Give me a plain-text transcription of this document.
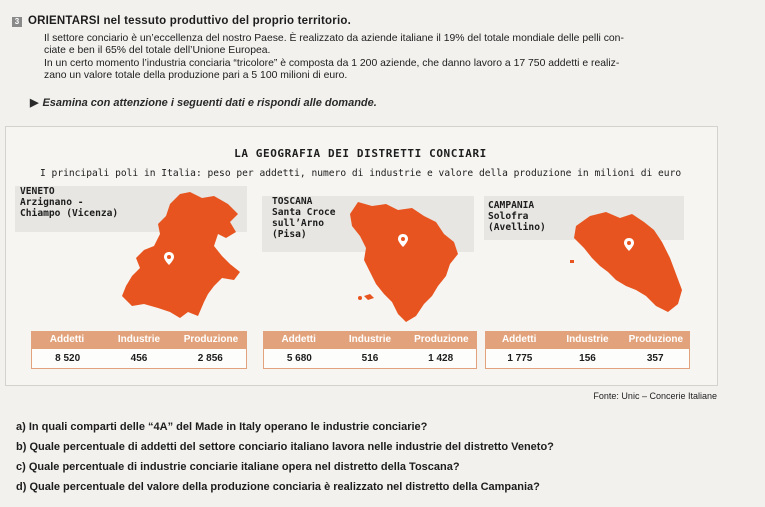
3 ORIENTARSI nel tessuto produttivo del proprio territorio.
Il settore conciario è un’eccellenza del nostro Paese. È realizzato da aziende italiane il 19% del totale mondiale delle pelli con-
ciate e ben il 65% del totale dell’Unione Europea.
In un certo momento l’industria conciaria “tricolore” è composta da 1 200 aziende, che danno lavoro a 17 750 addetti e realiz-
zano un valore totale della produzione pari a 5 100 milioni di euro.
▶ Esamina con attenzione i seguenti dati e rispondi alle domande.
LA GEOGRAFIA DEI DISTRETTI CONCIARI
I principali poli in Italia: peso per addetti, numero di industrie e valore della produzione in milioni di euro
VENETO
Arzignano -
Chiampo (Vicenza)
TOSCANA
Santa Croce
sull’Arno
(Pisa)
CAMPANIA
Solofra
(Avellino)
Addetti	Industrie	Produzione
8 520	456	2 856
Addetti	Industrie	Produzione
5 680	516	1 428
Addetti	Industrie	Produzione
1 775	156	357
Fonte: Unic – Concerie Italiane
a) In quali comparti delle “4A” del Made in Italy operano le industrie conciarie?
b) Quale percentuale di addetti del settore conciario italiano lavora nelle industrie del distretto Veneto?
c) Quale percentuale di industrie conciarie italiane opera nel distretto della Toscana?
d) Quale percentuale del valore della produzione conciaria è realizzato nel distretto della Campania?
